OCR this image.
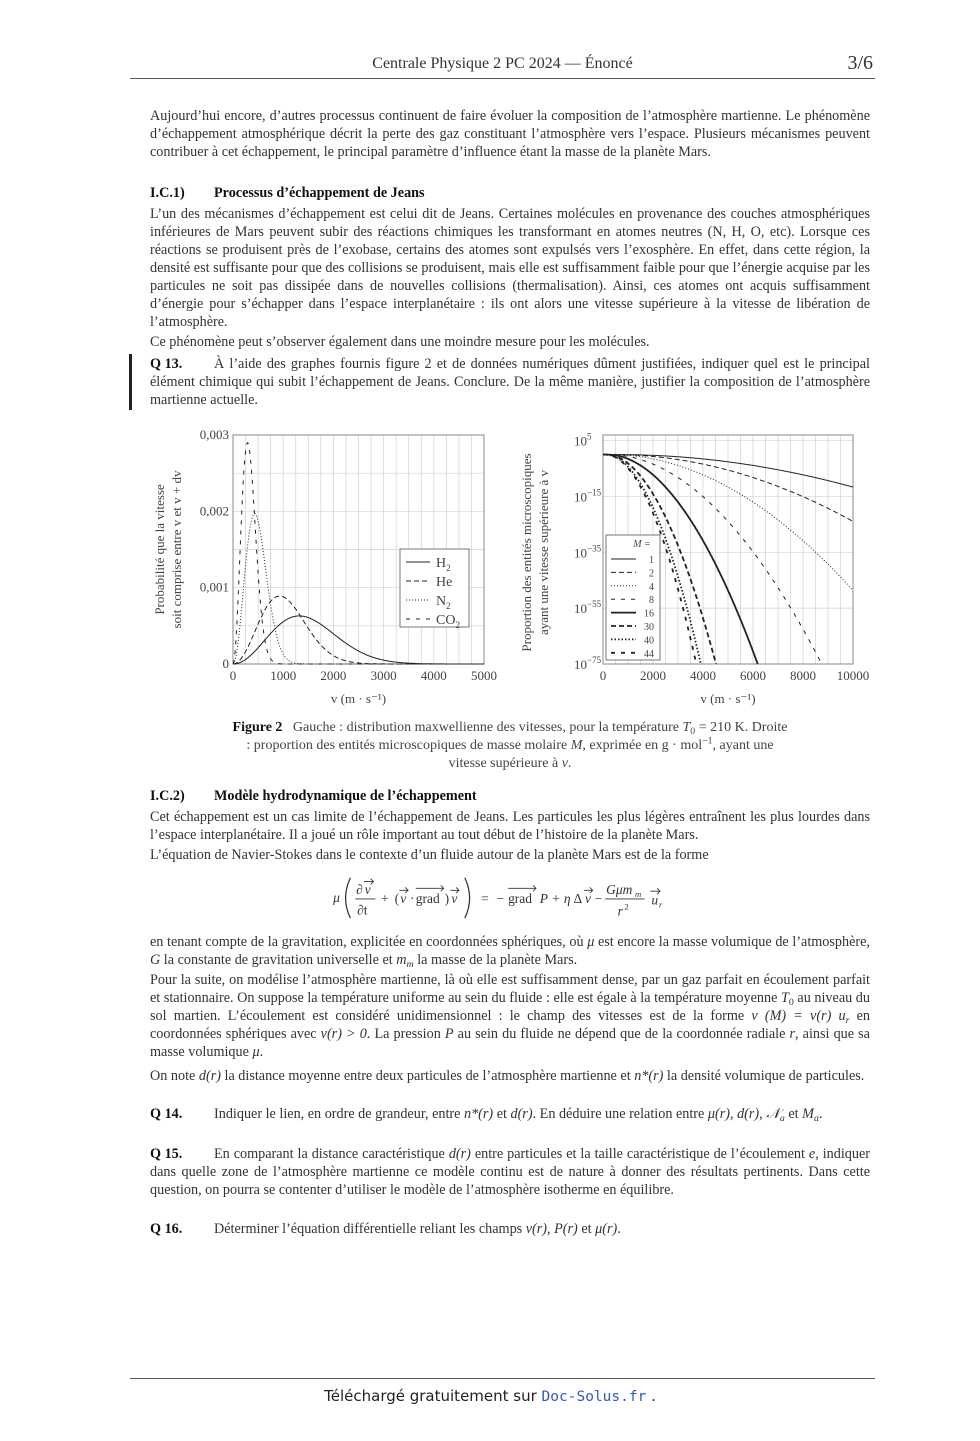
Centrale Physique 2 PC 2024 — Énoncé	3/6

Aujourd’hui encore, d’autres processus continuent de faire évoluer la composition de l’atmosphère martienne. Le phénomène d’échappement atmosphérique décrit la perte des gaz constituant l’atmosphère vers l’espace. Plusieurs mécanismes peuvent contribuer à cet échappement, le principal paramètre d’influence étant la masse de la planète Mars.

I.C.1) Processus d’échappement de Jeans

L’un des mécanismes d’échappement est celui dit de Jeans. Certaines molécules en provenance des couches atmosphériques inférieures de Mars peuvent subir des réactions chimiques les transformant en atomes neutres (N, H, O, etc). Lorsque ces réactions se produisent près de l’exobase, certains des atomes sont expulsés vers l’exosphère. En effet, dans cette région, la densité est suffisante pour que des collisions se produisent, mais elle est suffisamment faible pour que l’énergie acquise par les particules ne soit pas dissipée dans de nouvelles collisions (thermalisation). Ainsi, ces atomes ont acquis suffisamment d’énergie pour s’échapper dans l’espace interplanétaire : ils ont alors une vitesse supérieure à la vitesse de libération de l’atmosphère.

Ce phénomène peut s’observer également dans une moindre mesure pour les molécules.

Q 13. À l’aide des graphes fournis figure 2 et de données numériques dûment justifiées, indiquer quel est le principal élément chimique qui subit l’échappement de Jeans. Conclure. De la même manière, justifier la composition de l’atmosphère martienne actuelle.

0	1000 2000 3000 4000 5000
0
0,001
0,002
0,003
v (m · s⁻¹)
Probabilité que la vitesse soit comprise entre v et v + dv	$H_2$
He
$N_2$
$CO_2$
0	2000 4000 6000 8000 10000
10 5
10 −15
10 −35
10 −55
10 −75
v (m · s⁻¹)
Proportion des entités microscopiques ayant une vitesse supérieure à v	M =
1
2
4
8
16
30
40
44
Figure 2 Gauche : distribution maxwellienne des vitesses, pour la température $T_0 = 210$ K. Droite : proportion des entités microscopiques de masse molaire M, exprimée en g · mol$^{-1}$, ayant une vitesse supérieure à v.
I.C.2) Modèle hydrodynamique de l’échappement

Cet échappement est un cas limite de l’échappement de Jeans. Les particules les plus légères entraînent les plus lourdes dans l’espace interplanétaire. Il a joué un rôle important au tout début de l’histoire de la planète Mars.

L’équation de Navier-Stokes dans le contexte d’un fluide autour de la planète Mars est de la forme

μ
∂ v
∂t
+ ( v · grad ) v = − grad P + η Δ v −
Gμm m
r 2 u r

en tenant compte de la gravitation, explicitée en coordonnées sphériques, où μ est encore la masse volumique de l’atmosphère, G la constante de gravitation universelle et $m_m$ la masse de la planète Mars.

Pour la suite, on modélise l’atmosphère martienne, là où elle est suffisamment dense, par un gaz parfait en écoulement parfait et stationnaire. On suppose la température uniforme au sein du fluide : elle est égale à la température moyenne $T_0$ au niveau du sol martien. L’écoulement est considéré unidimensionnel : le champ des vitesses est de la forme v (M) = v(r) $u_r$ en coordonnées sphériques avec v(r) > 0. La pression P au sein du fluide ne dépend que de la coordonnée radiale r, ainsi que sa masse volumique μ.

On note d(r) la distance moyenne entre deux particules de l’atmosphère martienne et n*(r) la densité volumique de particules.

Q 14. Indiquer le lien, en ordre de grandeur, entre n*(r) et d(r). En déduire une relation entre μ(r), d(r), 𝒩$_a$ et $M_a$.

Q 15. En comparant la distance caractéristique d(r) entre particules et la taille caractéristique de l’écoulement e, indiquer dans quelle zone de l’atmosphère martienne ce modèle continu est de nature à donner des résultats pertinents. Dans cette question, on pourra se contenter d’utiliser le modèle de l’atmosphère isotherme en équilibre.

Q 16. Déterminer l’équation différentielle reliant les champs v(r), P(r) et μ(r).

Téléchargé gratuitement sur Doc-Solus.fr .
